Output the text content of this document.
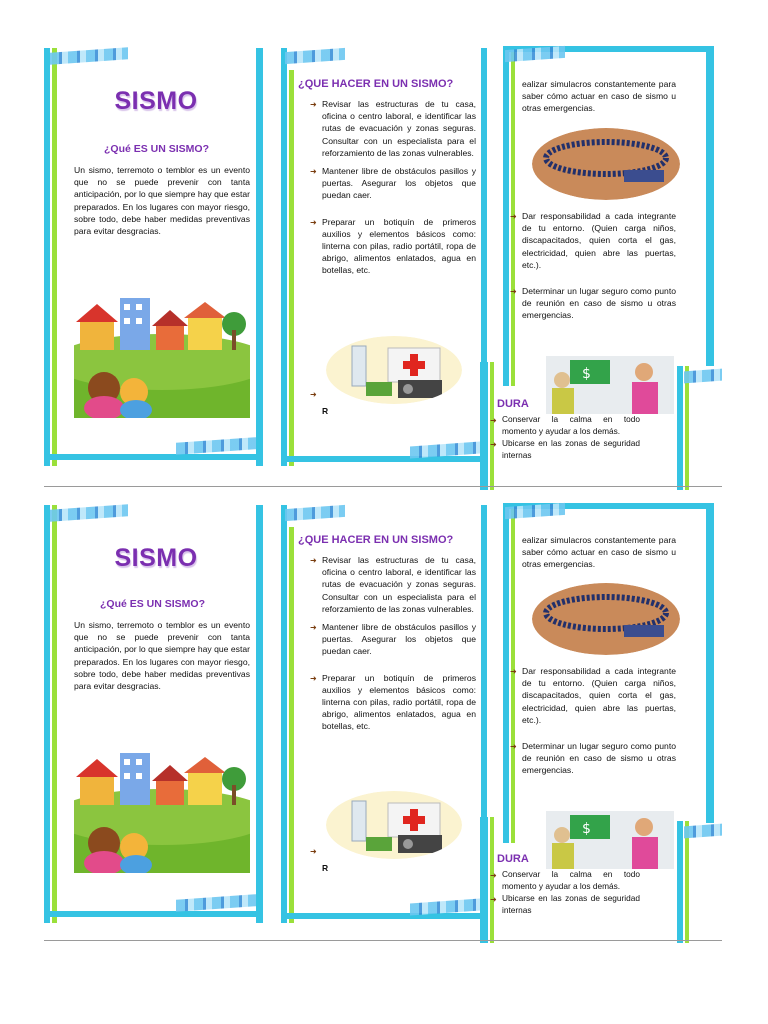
SISMO
¿Qué ES UN SISMO?
Un sismo, terremoto o temblor es un evento que no se puede prevenir con tanta anticipación, por lo que siempre hay que estar preparados. En los lugares con mayor riesgo, sobre todo, debe haber medidas preventivas para evitar desgracias.
¿QUE HACER EN UN SISMO?
➜ Revisar las estructuras de tu casa, oficina o centro laboral, e identificar las rutas de evacuación y zonas seguras. Consultar con un especialista para el reforzamiento de las zonas vulnerables.
➜ Mantener libre de obstáculos pasillos y puertas. Asegurar los objetos que puedan caer.
➜ Preparar un botiquín de primeros auxilios y elementos básicos como: linterna con pilas, radio portátil, ropa de abrigo, alimentos enlatados, agua en botellas, etc.
➜
R
ealizar simulacros constantemente para saber cómo actuar en caso de sismo u otras emergencias.
➜ Dar responsabilidad a cada integrante de tu entorno. (Quien carga niños, discapacitados, quien corta el gas, electricidad, quien abre las puertas, etc.).
➜ Determinar un lugar seguro como punto de reunión en caso de sismo u otras emergencias.
$
DURA
➜ Conservar la calma en todo momento y ayudar a los demás.
➜ Ubicarse en las zonas de seguridad internas
SISMO
¿Qué ES UN SISMO?
Un sismo, terremoto o temblor es un evento que no se puede prevenir con tanta anticipación, por lo que siempre hay que estar preparados. En los lugares con mayor riesgo, sobre todo, debe haber medidas preventivas para evitar desgracias.
¿QUE HACER EN UN SISMO?
➜ Revisar las estructuras de tu casa, oficina o centro laboral, e identificar las rutas de evacuación y zonas seguras. Consultar con un especialista para el reforzamiento de las zonas vulnerables.
➜ Mantener libre de obstáculos pasillos y puertas. Asegurar los objetos que puedan caer.
➜ Preparar un botiquín de primeros auxilios y elementos básicos como: linterna con pilas, radio portátil, ropa de abrigo, alimentos enlatados, agua en botellas, etc.
➜
R
ealizar simulacros constantemente para saber cómo actuar en caso de sismo u otras emergencias.
➜ Dar responsabilidad a cada integrante de tu entorno. (Quien carga niños, discapacitados, quien corta el gas, electricidad, quien abre las puertas, etc.).
➜ Determinar un lugar seguro como punto de reunión en caso de sismo u otras emergencias.
$
DURA
➜ Conservar la calma en todo momento y ayudar a los demás.
➜ Ubicarse en las zonas de seguridad internas
